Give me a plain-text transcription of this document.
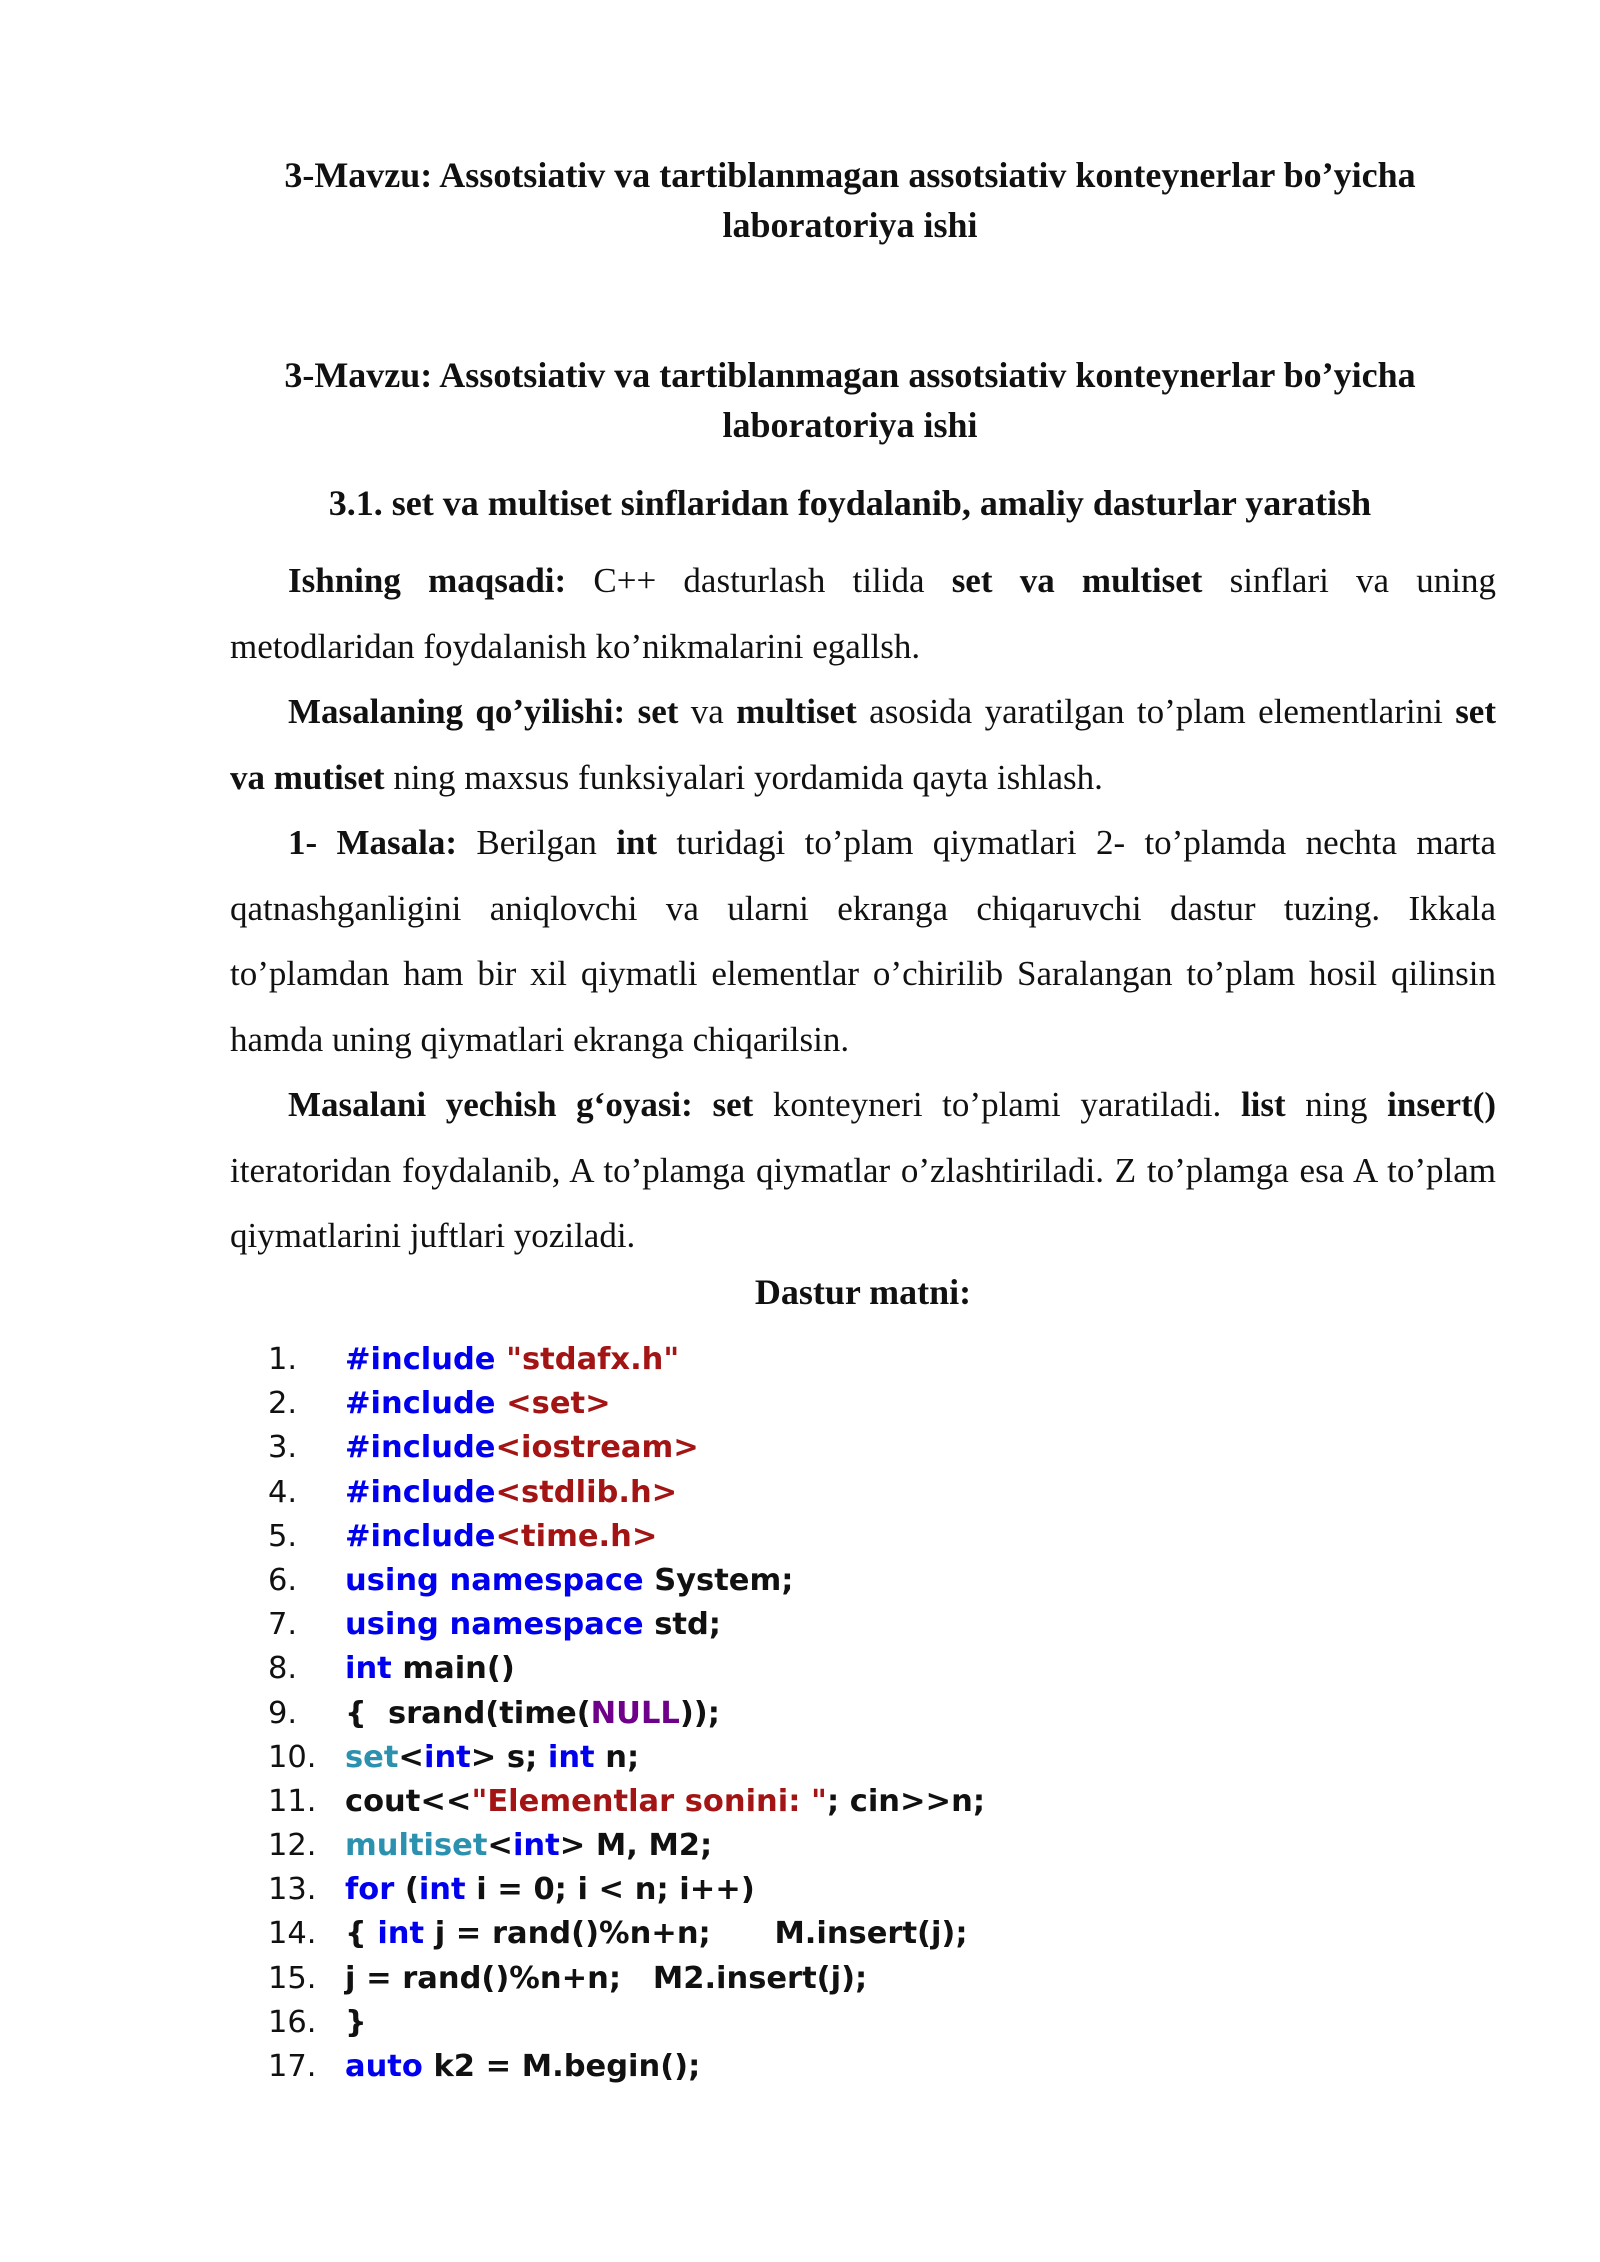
3-Mavzu: Assotsiativ va tartiblanmagan assotsiativ konteynerlar bo’yicha
laboratoriya ishi
3-Mavzu: Assotsiativ va tartiblanmagan assotsiativ konteynerlar bo’yicha
laboratoriya ishi
3.1. set va multiset sinflaridan foydalanib, amaliy dasturlar yaratish

Ishning maqsadi: C++ dasturlash tilida set va multiset sinflari va uning metodlaridan foydalanish ko’nikmalarini egallsh.

Masalaning qo’yilishi: set va multiset asosida yaratilgan to’plam elementlarini set va mutiset ning maxsus funksiyalari yordamida qayta ishlash.

1- Masala: Berilgan int turidagi to’plam qiymatlari 2- to’plamda nechta marta qatnashganligini aniqlovchi va ularni ekranga chiqaruvchi dastur tuzing. Ikkala to’plamdan ham bir xil qiymatli elementlar o’chirilib Saralangan to’plam hosil qilinsin hamda uning qiymatlari ekranga chiqarilsin.

Masalani yechish g‘oyasi: set konteyneri to’plami yaratiladi. list ning insert() iteratoridan foydalanib, A to’plamga qiymatlar o’zlashtiriladi. Z to’plamga esa A to’plam qiymatlarini juftlari yoziladi.

Dastur matni:
1.	#include "stdafx.h"
2.	#include <set>
3.	#include<iostream>
4.	#include<stdlib.h>
5.	#include<time.h>
6.	using namespace System;
7.	using namespace std;
8.	int main()
9.	{  srand(time(NULL));
10. set<int> s; int n;
11. cout<<"Elementlar sonini: "; cin>>n;
12. multiset<int> M, M2;
13. for (int i = 0; i < n; i++)
14. { int j = rand()%n+n;      M.insert(j);
15. j = rand()%n+n;   M2.insert(j);
16. }
17. auto k2 = M.begin();
